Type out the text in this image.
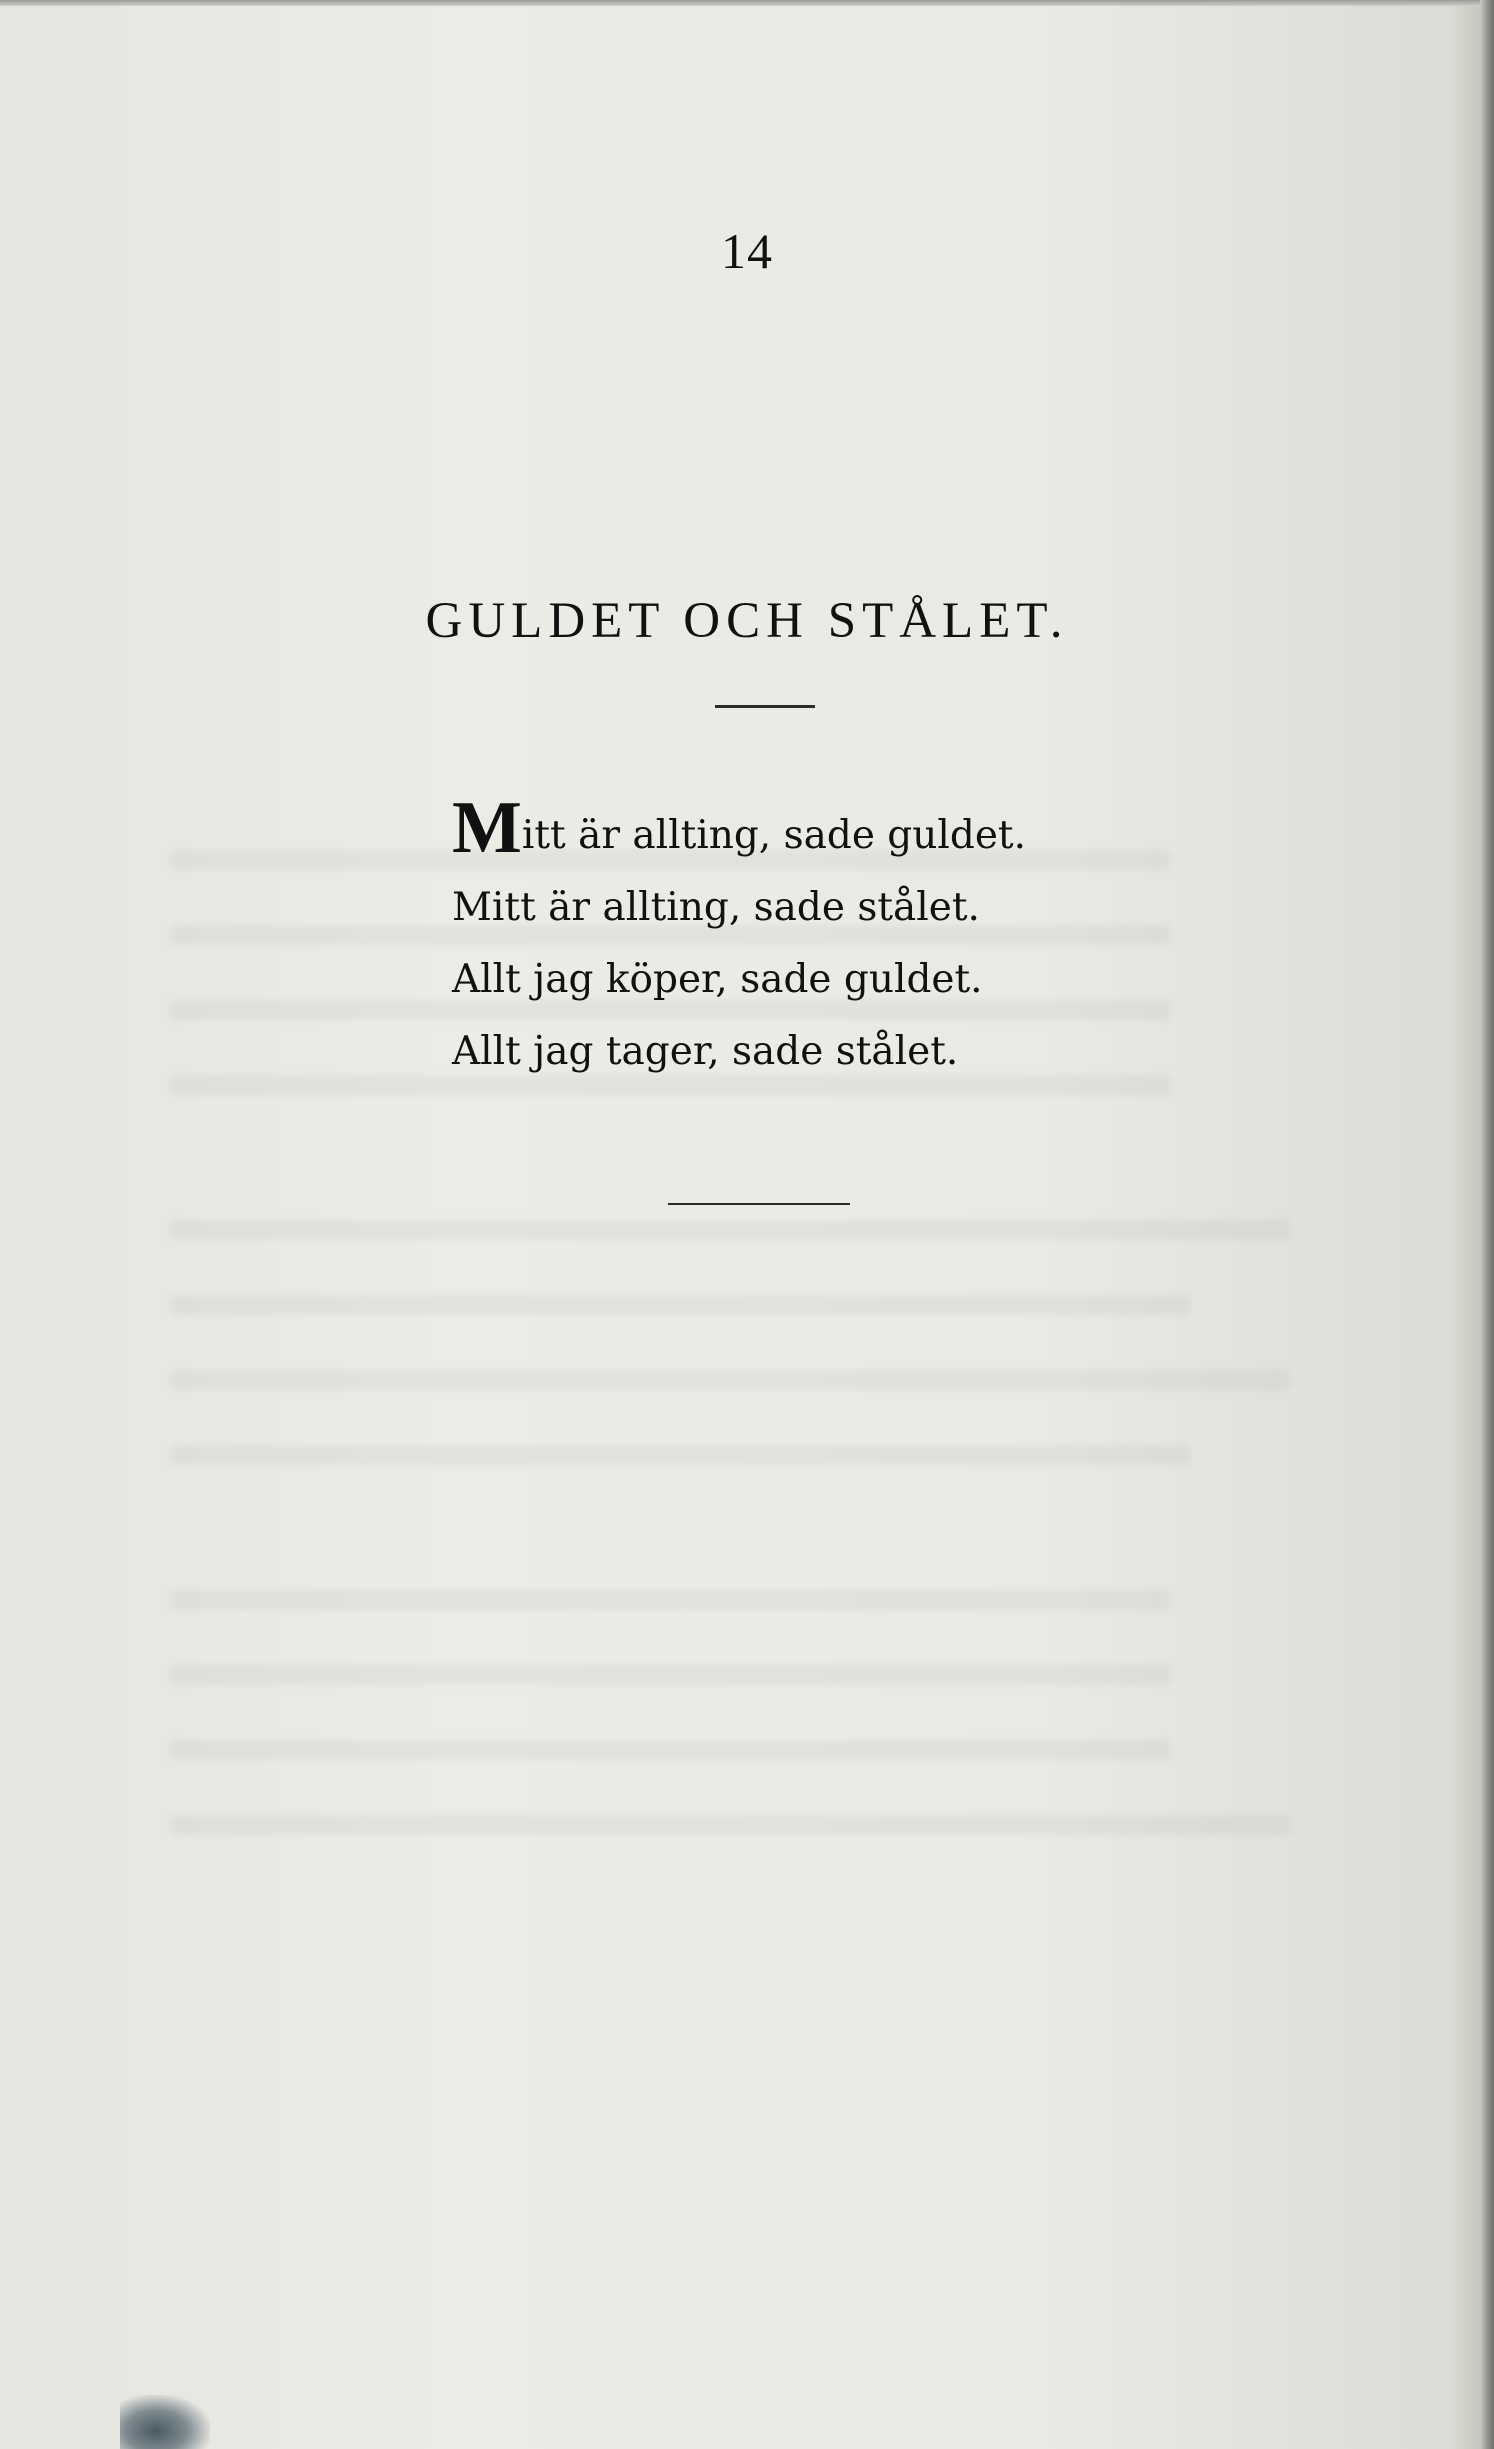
14
GULDET OCH STÅLET.
Mitt är allting, sade guldet.
Mitt är allting, sade stålet.
Allt jag köper, sade guldet.
Allt jag tager, sade stålet.
